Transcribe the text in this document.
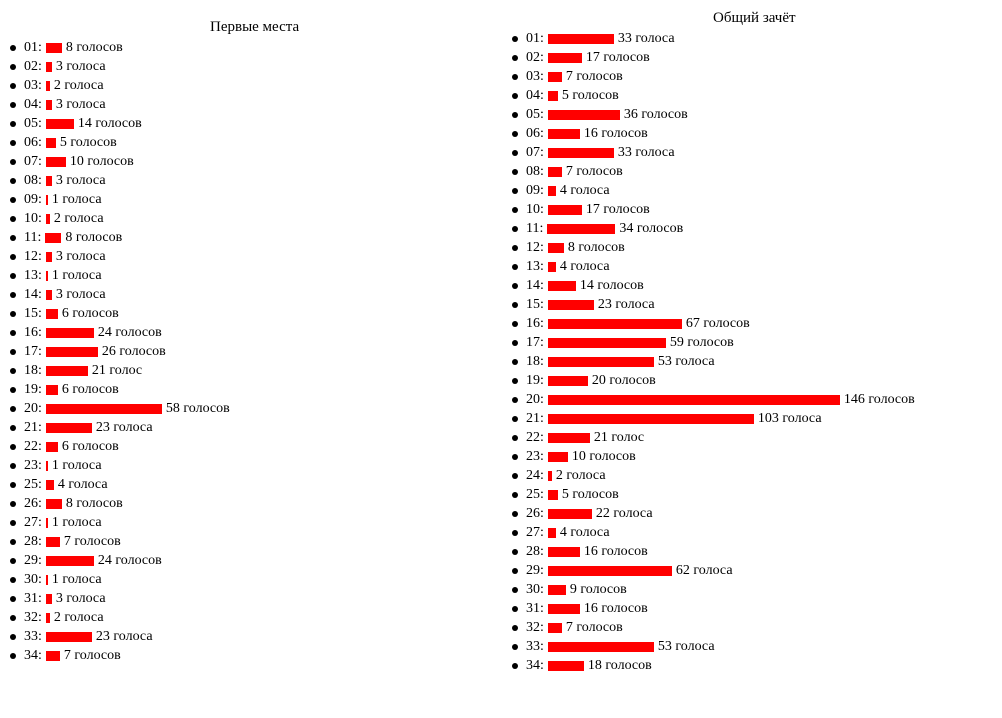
Первые места
01: 8 голосов
02: 3 голоса
03: 2 голоса
04: 3 голоса
05:	14 голосов
06: 5 голосов
07: 10 голосов
08: 3 голоса
09: 1 голоса
10: 2 голоса
11: 8 голосов
12: 3 голоса
13: 1 голоса
14: 3 голоса
15: 6 голосов
16:	24 голосов
17:	26 голосов
18:	21 голос
19: 6 голосов
20:	58 голосов
21:	23 голоса
22: 6 голосов
23: 1 голоса
25: 4 голоса
26: 8 голосов
27: 1 голоса
28: 7 голосов
29:	24 голосов
30: 1 голоса
31: 3 голоса
32: 2 голоса
33:	23 голоса
34: 7 голосов
Общий зачёт
01:	33 голоса
02:	17 голосов
03: 7 голосов
04: 5 голосов
05:	36 голосов
06:	16 голосов
07:	33 голоса
08: 7 голосов
09: 4 голоса
10:	17 голосов
11:	34 голосов
12: 8 голосов
13: 4 голоса
14:	14 голосов
15:	23 голоса
16:	67 голосов
17:	59 голосов
18:	53 голоса
19:	20 голосов
20:	146 голосов
21:	103 голоса
22:	21 голос
23: 10 голосов
24: 2 голоса
25: 5 голосов
26:	22 голоса
27: 4 голоса
28:	16 голосов
29:	62 голоса
30: 9 голосов
31:	16 голосов
32: 7 голосов
33:	53 голоса
34:	18 голосов
